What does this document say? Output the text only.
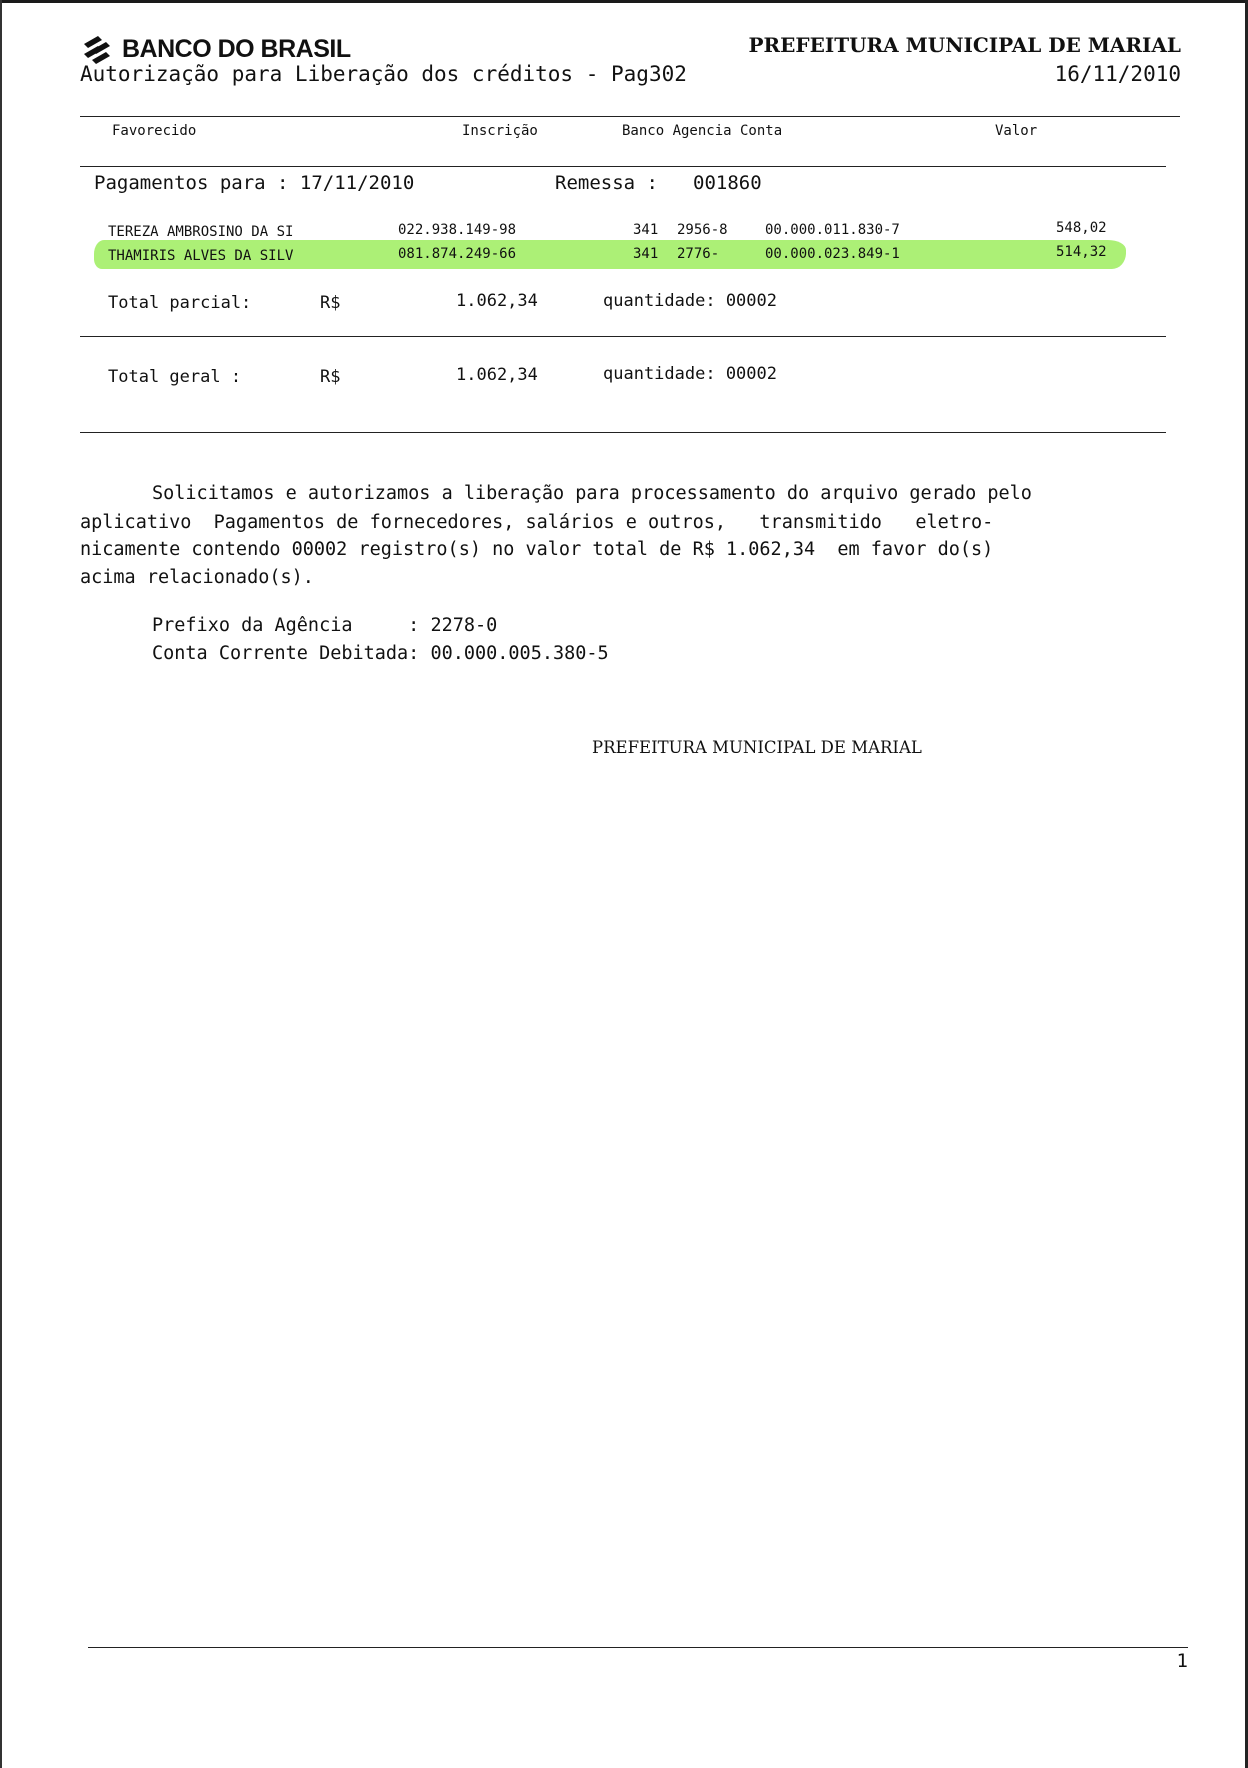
BANCO DO BRASIL
Autorização para Liberação dos créditos - Pag302
PREFEITURA MUNICIPAL DE MARIAL
16/11/2010
Favorecido	Inscrição	Banco Agencia Conta	Valor
Pagamentos para : 17/11/2010	Remessa : 001860
TEREZA AMBROSINO DA SI	022.938.149-98	341 2956-8	00.000.011.830-7	548,02
THAMIRIS ALVES DA SILV	081.874.249-66	341 2776-	00.000.023.849-1	514,32
Total parcial:	R$	1.062,34	quantidade: 00002
Total geral :	R$	1.062,34	quantidade: 00002
Solicitamos e autorizamos a liberação para processamento do arquivo gerado pelo
aplicativo  Pagamentos de fornecedores, salários e outros,   transmitido   eletro-
nicamente contendo 00002 registro(s) no valor total de R$ 1.062,34  em favor do(s)
acima relacionado(s).
Prefixo da Agência     : 2278-0
Conta Corrente Debitada: 00.000.005.380-5
PREFEITURA MUNICIPAL DE MARIAL
1
